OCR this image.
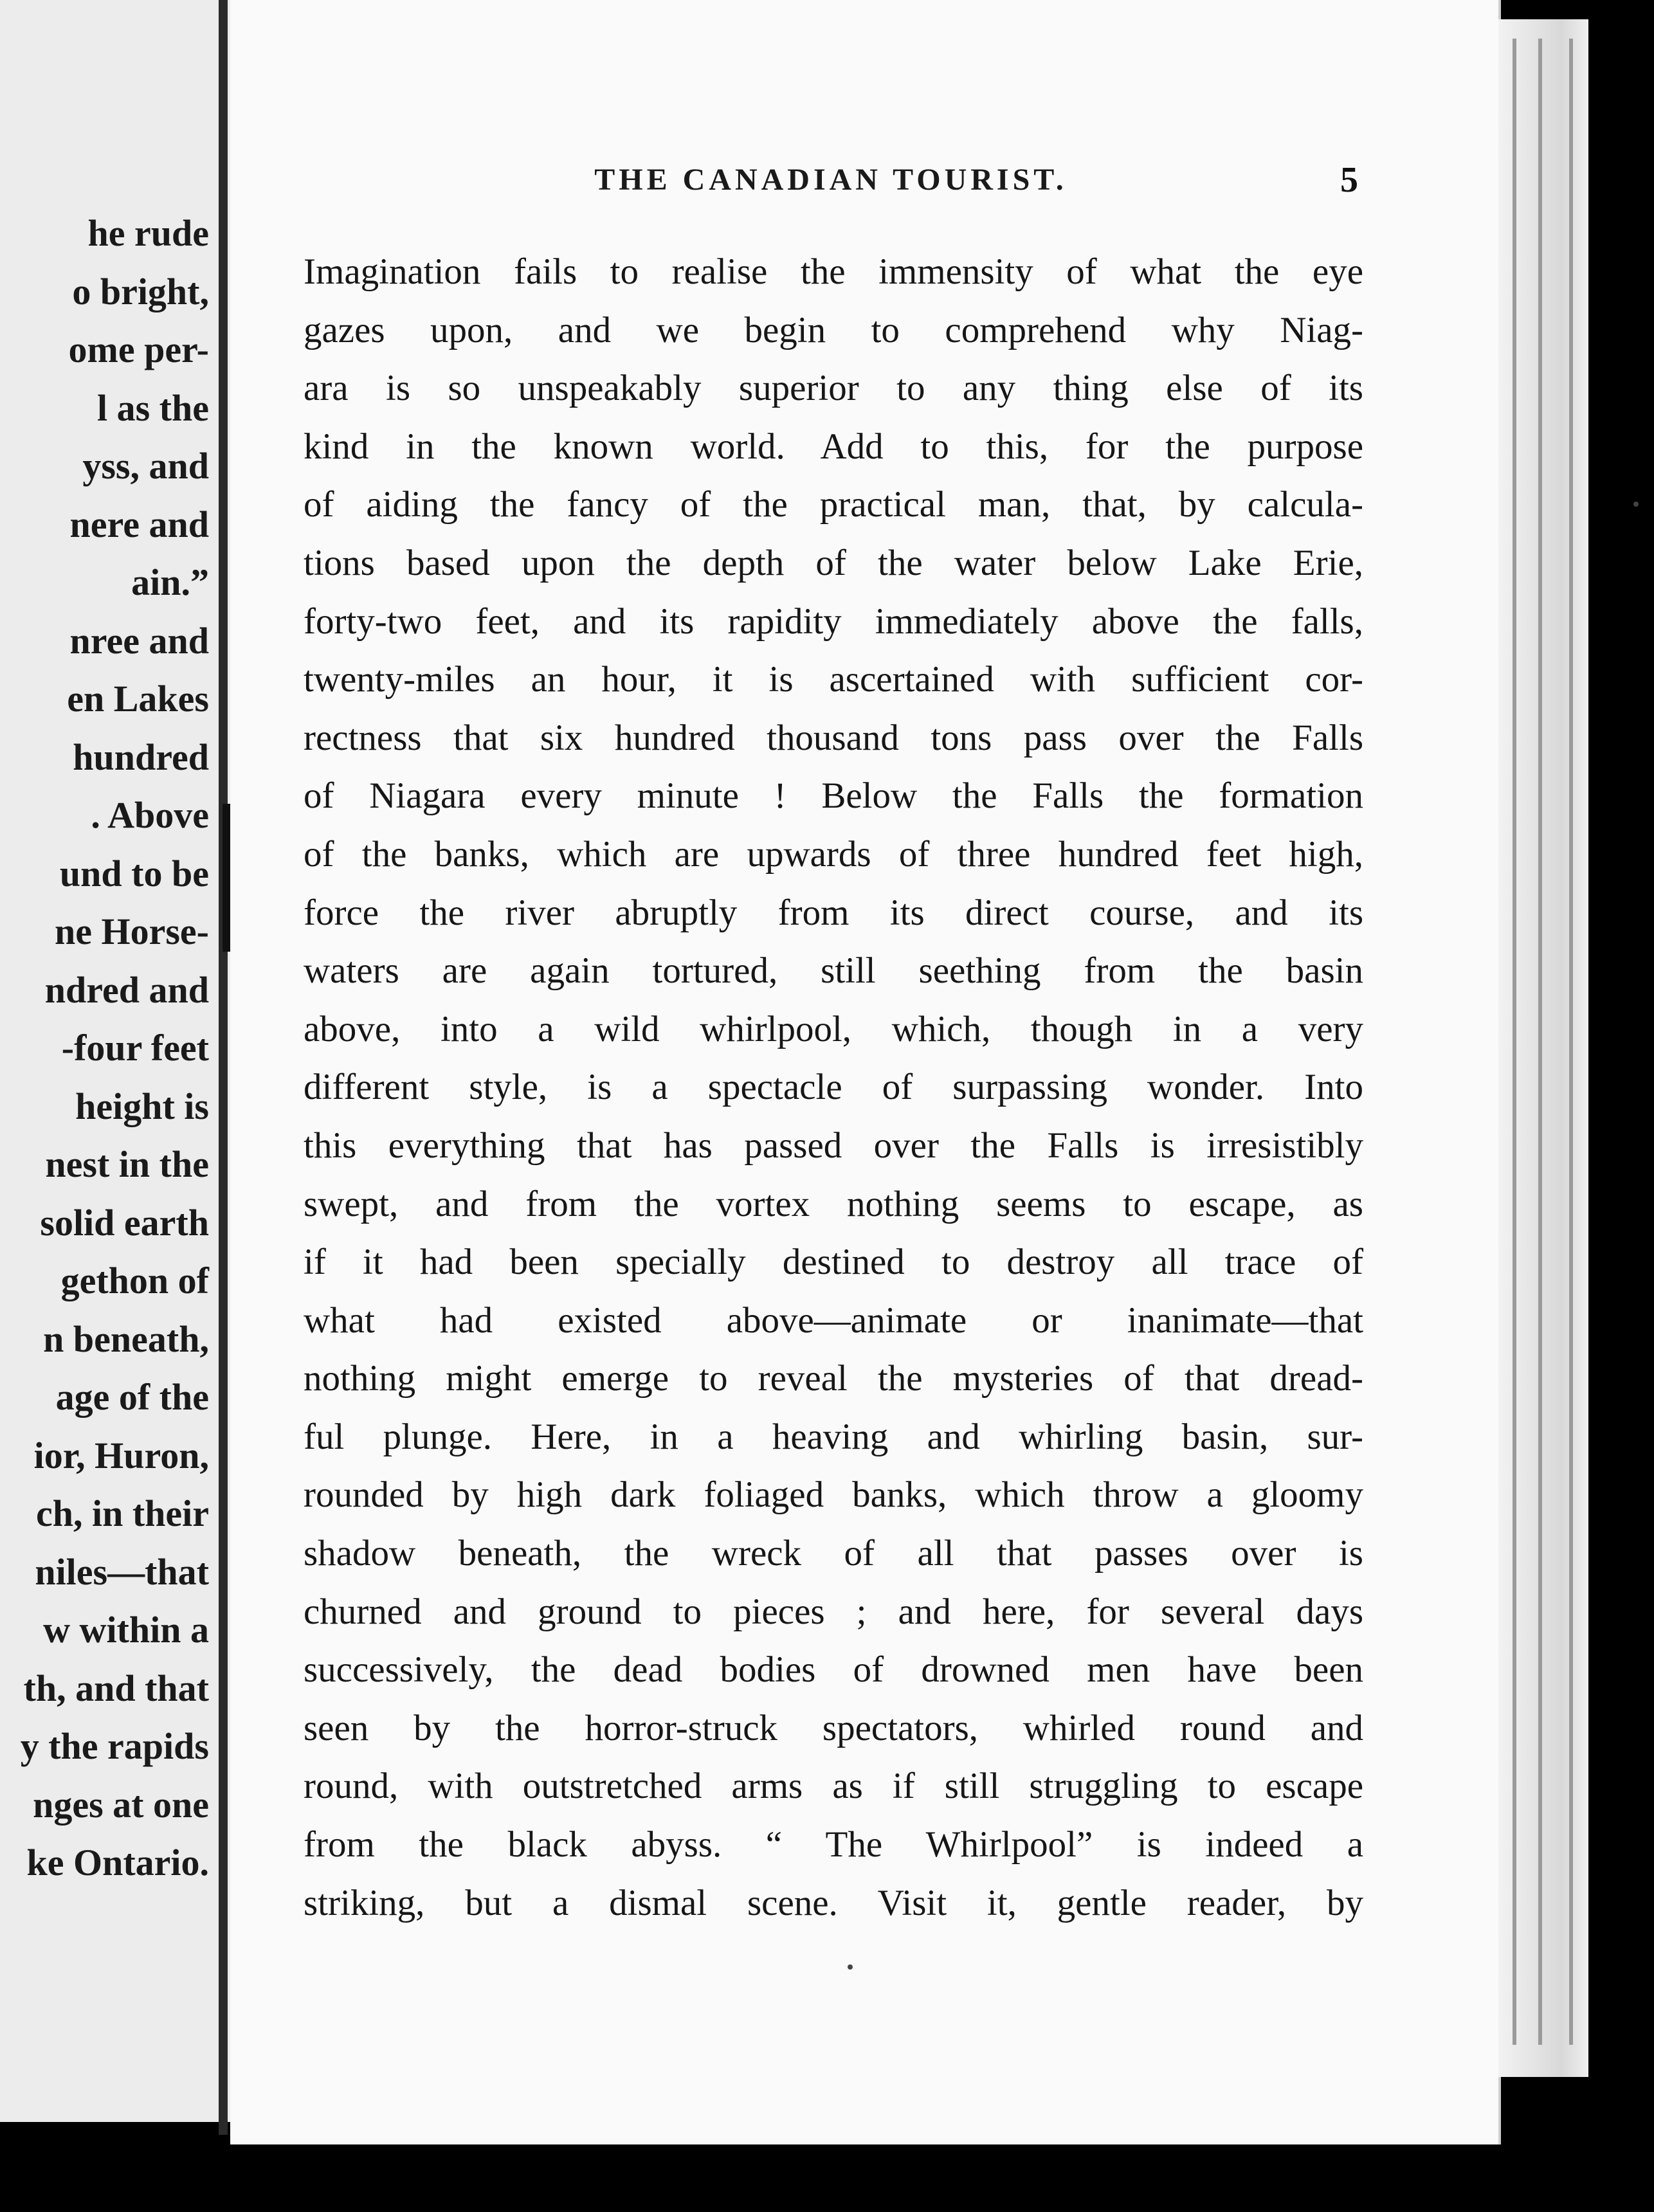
he rude
o bright,
ome per-
l as the
yss, and
nere and
ain.”
nree and
en Lakes
hundred
. Above
und to be
ne Horse-
ndred and
-four feet
height is
nest in the
solid earth
gethon of
n beneath,
age of the
ior, Huron,
ch, in their
niles—that
w within a
th, and that
y the rapids
nges at one
ke Ontario.
THE CANADIAN TOURIST.	5
Imagination fails to realise the immensity of what the eye
gazes upon, and we begin to comprehend why Niag-
ara is so unspeakably superior to any thing else of its
kind in the known world. Add to this, for the purpose
of aiding the fancy of the practical man, that, by calcula-
tions based upon the depth of the water below Lake Erie,
forty-two feet, and its rapidity immediately above the falls,
twenty-miles an hour, it is ascertained with sufficient cor-
rectness that six hundred thousand tons pass over the Falls
of Niagara every minute ! Below the Falls the formation
of the banks, which are upwards of three hundred feet high,
force the river abruptly from its direct course, and its
waters are again tortured, still seething from the basin
above, into a wild whirlpool, which, though in a very
different style, is a spectacle of surpassing wonder. Into
this everything that has passed over the Falls is irresistibly
swept, and from the vortex nothing seems to escape, as
if it had been specially destined to destroy all trace of
what had existed above—animate or inanimate—that
nothing might emerge to reveal the mysteries of that dread-
ful plunge. Here, in a heaving and whirling basin, sur-
rounded by high dark foliaged banks, which throw a gloomy
shadow beneath, the wreck of all that passes over is
churned and ground to pieces ; and here, for several days
successively, the dead bodies of drowned men have been
seen by the horror-struck spectators, whirled round and
round, with outstretched arms as if still struggling to escape
from the black abyss. “ The Whirlpool” is indeed a
striking, but a dismal scene. Visit it, gentle reader, by
